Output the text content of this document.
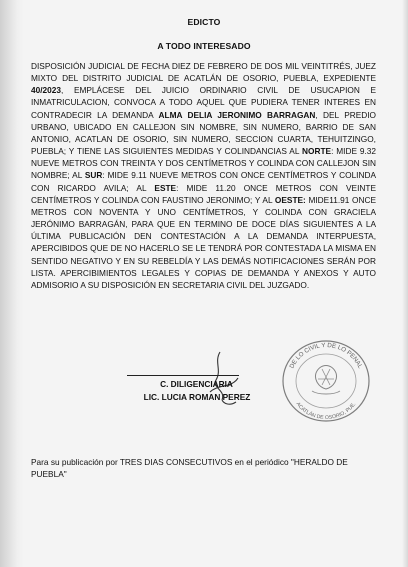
EDICTO
A TODO INTERESADO
DISPOSICIÓN JUDICIAL DE FECHA DIEZ DE FEBRERO DE DOS MIL VEINTITRÉS, JUEZ MIXTO DEL DISTRITO JUDICIAL DE ACATLÁN DE OSORIO, PUEBLA, EXPEDIENTE 40/2023, EMPLÁCESE DEL JUICIO ORDINARIO CIVIL DE USUCAPION E INMATRICULACION, CONVOCA A TODO AQUEL QUE PUDIERA TENER INTERES EN CONTRADECIR LA DEMANDA ALMA DELIA JERONIMO BARRAGAN, DEL PREDIO URBANO, UBICADO EN CALLEJON SIN NOMBRE, SIN NUMERO, BARRIO DE SAN ANTONIO, ACATLAN DE OSORIO, SIN NUMERO, SECCION CUARTA, TEHUITZINGO, PUEBLA; Y TIENE LAS SIGUIENTES MEDIDAS Y COLINDANCIAS AL NORTE: MIDE 9.32 NUEVE METROS CON TREINTA Y DOS CENTÍMETROS Y COLINDA CON CALLEJON SIN NOMBRE; AL SUR: MIDE 9.11 NUEVE METROS CON ONCE CENTÍMETROS Y COLINDA CON RICARDO AVILA; AL ESTE: MIDE 11.20 ONCE METROS CON VEINTE CENTÍMETROS Y COLINDA CON FAUSTINO JERONIMO; Y AL OESTE: MIDE11.91 ONCE METROS CON NOVENTA Y UNO CENTÍMETROS, Y COLINDA CON GRACIELA JERÓNIMO BARRAGÁN, PARA QUE EN TERMINO DE DOCE DÍAS SIGUIENTES A LA ÚLTIMA PUBLICACIÓN DEN CONTESTACIÓN A LA DEMANDA INTERPUESTA, APERCIBIDOS QUE DE NO HACERLO SE LE TENDRÁ POR CONTESTADA LA MISMA EN SENTIDO NEGATIVO Y EN SU REBELDÍA Y LAS DEMÁS NOTIFICACIONES SERÁN POR LISTA. APERCIBIMIENTOS LEGALES Y COPIAS DE DEMANDA Y ANEXOS Y AUTO ADMISORIO A SU DISPOSICIÓN EN SECRETARIA CIVIL DEL JUZGADO.
C. DILIGENCIARIA
LIC. LUCIA ROMAN PEREZ
DE LO CIVIL Y DE LO PENAL
ACATLÁN DE OSORIO, PUE.
Para su publicación por TRES DIAS CONSECUTIVOS en el periódico "HERALDO DE PUEBLA"
